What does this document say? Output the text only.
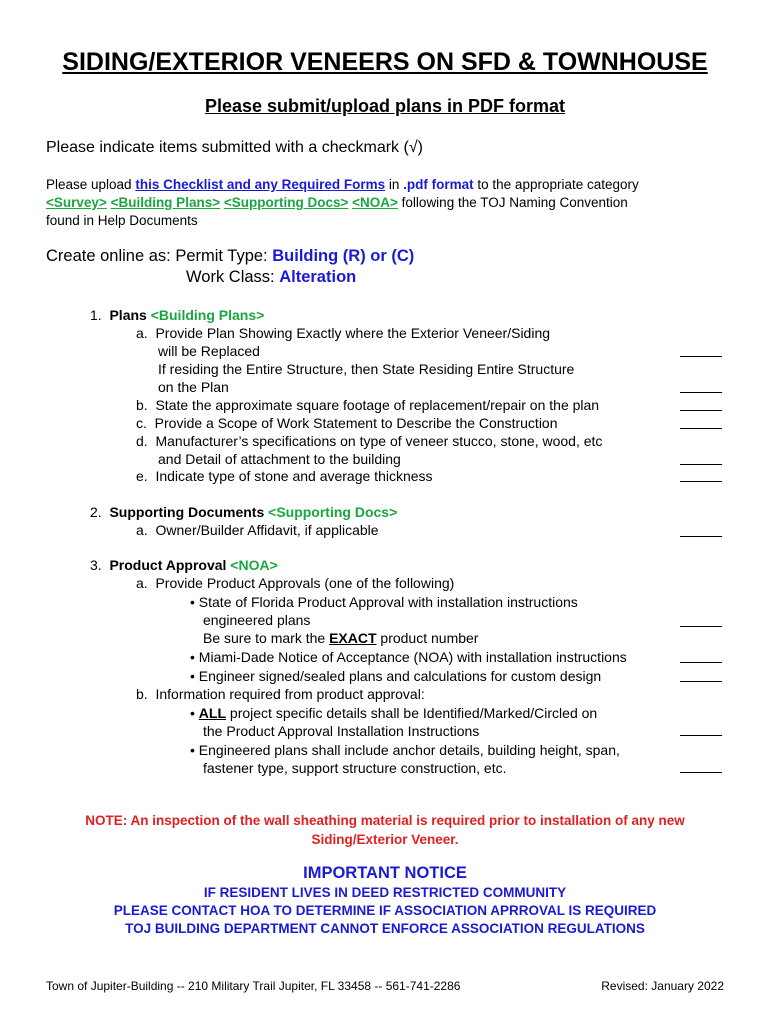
SIDING/EXTERIOR VENEERS ON SFD & TOWNHOUSE
Please submit/upload plans in PDF format
Please indicate items submitted with a checkmark (√)
Please upload this Checklist and any Required Forms in .pdf format to the appropriate category
<Survey> <Building Plans> <Supporting Docs> <NOA> following the TOJ Naming Convention
found in Help Documents
Create online as: Permit Type: Building (R) or (C)
Work Class: Alteration
1. Plans <Building Plans>
a. Provide Plan Showing Exactly where the Exterior Veneer/Siding
will be Replaced
If residing the Entire Structure, then State Residing Entire Structure
on the Plan
b. State the approximate square footage of replacement/repair on the plan
c. Provide a Scope of Work Statement to Describe the Construction
d. Manufacturer’s specifications on type of veneer stucco, stone, wood, etc
and Detail of attachment to the building
e. Indicate type of stone and average thickness
2. Supporting Documents <Supporting Docs>
a. Owner/Builder Affidavit, if applicable
3. Product Approval <NOA>
a. Provide Product Approvals (one of the following)
• State of Florida Product Approval with installation instructions
engineered plans
Be sure to mark the EXACT product number
• Miami-Dade Notice of Acceptance (NOA) with installation instructions
• Engineer signed/sealed plans and calculations for custom design
b. Information required from product approval:
• ALL project specific details shall be Identified/Marked/Circled on
the Product Approval Installation Instructions
• Engineered plans shall include anchor details, building height, span,
fastener type, support structure construction, etc.
NOTE: An inspection of the wall sheathing material is required prior to installation of any new
Siding/Exterior Veneer.
IMPORTANT NOTICE
IF RESIDENT LIVES IN DEED RESTRICTED COMMUNITY
PLEASE CONTACT HOA TO DETERMINE IF ASSOCIATION APRROVAL IS REQUIRED
TOJ BUILDING DEPARTMENT CANNOT ENFORCE ASSOCIATION REGULATIONS
Town of Jupiter-Building -- 210 Military Trail Jupiter, FL 33458 -- 561-741-2286	Revised: January 2022
